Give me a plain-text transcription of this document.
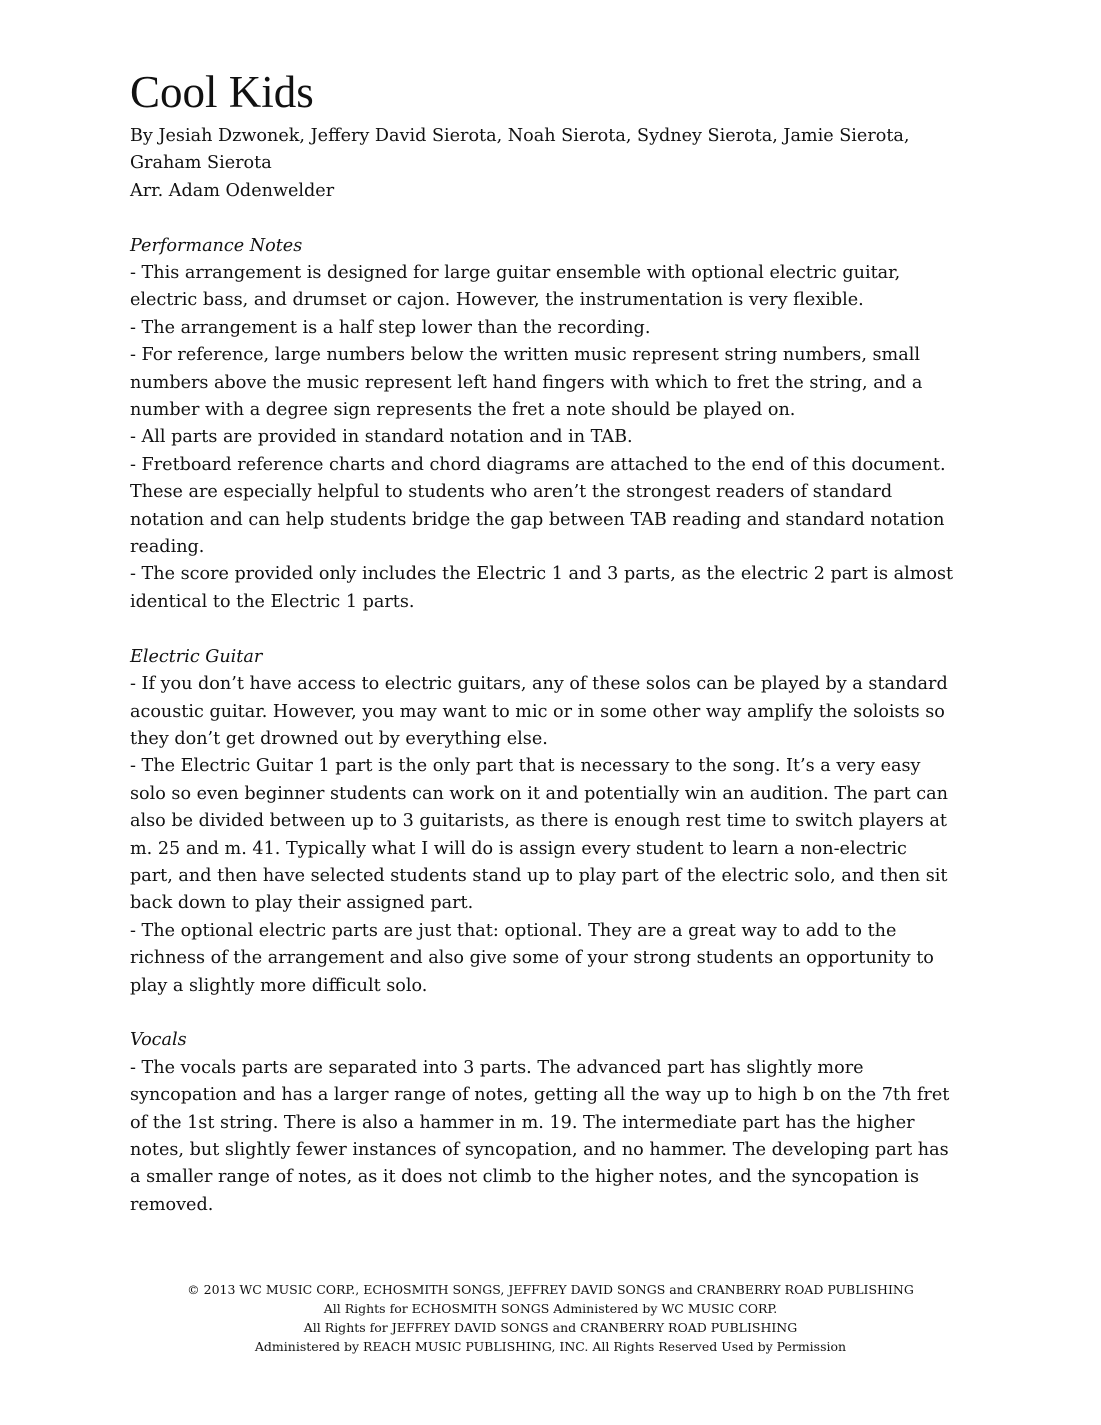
Cool Kids

By Jesiah Dzwonek, Jeffery David Sierota, Noah Sierota, Sydney Sierota, Jamie Sierota,

Graham Sierota

Arr. Adam Odenwelder

Performance Notes

- This arrangement is designed for large guitar ensemble with optional electric guitar,

electric bass, and drumset or cajon. However, the instrumentation is very flexible.

- The arrangement is a half step lower than the recording.

- For reference, large numbers below the written music represent string numbers, small

numbers above the music represent left hand fingers with which to fret the string, and a

number with a degree sign represents the fret a note should be played on.

- All parts are provided in standard notation and in TAB.

- Fretboard reference charts and chord diagrams are attached to the end of this document.

These are especially helpful to students who aren’t the strongest readers of standard

notation and can help students bridge the gap between TAB reading and standard notation

reading.

- The score provided only includes the Electric 1 and 3 parts, as the electric 2 part is almost

identical to the Electric 1 parts.

Electric Guitar

- If you don’t have access to electric guitars, any of these solos can be played by a standard

acoustic guitar. However, you may want to mic or in some other way amplify the soloists so

they don’t get drowned out by everything else.

- The Electric Guitar 1 part is the only part that is necessary to the song. It’s a very easy

solo so even beginner students can work on it and potentially win an audition. The part can

also be divided between up to 3 guitarists, as there is enough rest time to switch players at

m. 25 and m. 41. Typically what I will do is assign every student to learn a non-electric

part, and then have selected students stand up to play part of the electric solo, and then sit

back down to play their assigned part.

- The optional electric parts are just that: optional. They are a great way to add to the

richness of the arrangement and also give some of your strong students an opportunity to

play a slightly more difficult solo.

Vocals

- The vocals parts are separated into 3 parts. The advanced part has slightly more

syncopation and has a larger range of notes, getting all the way up to high b on the 7th fret

of the 1st string. There is also a hammer in m. 19. The intermediate part has the higher

notes, but slightly fewer instances of syncopation, and no hammer. The developing part has

a smaller range of notes, as it does not climb to the higher notes, and the syncopation is

removed.

© 2013 WC MUSIC CORP., ECHOSMITH SONGS, JEFFREY DAVID SONGS and CRANBERRY ROAD PUBLISHING
All Rights for ECHOSMITH SONGS Administered by WC MUSIC CORP.
All Rights for JEFFREY DAVID SONGS and CRANBERRY ROAD PUBLISHING
Administered by REACH MUSIC PUBLISHING, INC. All Rights Reserved Used by Permission
